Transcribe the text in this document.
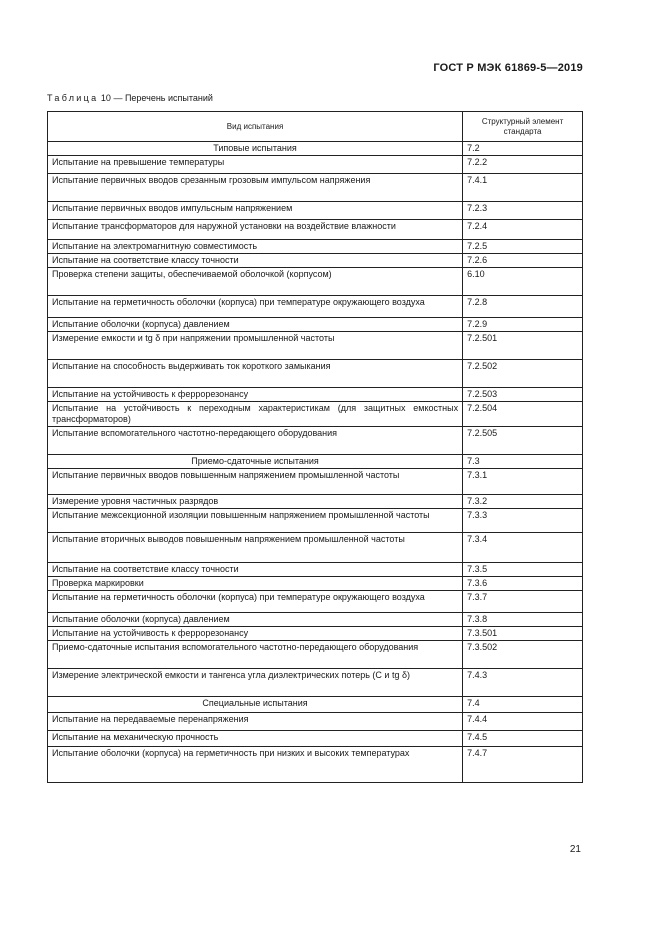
ГОСТ Р МЭК 61869-5—2019
Таблица 10 — Перечень испытаний
Вид испытания	Структурный элемент стандарта
Типовые испытания	7.2
Испытание на превышение температуры	7.2.2
Испытание первичных вводов срезанным грозовым импульсом напряжения	7.4.1
Испытание первичных вводов импульсным напряжением	7.2.3
Испытание трансформаторов для наружной установки на воздействие влажности	7.2.4
Испытание на электромагнитную совместимость	7.2.5
Испытание на соответствие классу точности	7.2.6
Проверка степени защиты, обеспечиваемой оболочкой (корпусом)	6.10
Испытание на герметичность оболочки (корпуса) при температуре окружающего воздуха	7.2.8
Испытание оболочки (корпуса) давлением	7.2.9
Измерение емкости и tg δ при напряжении промышленной частоты	7.2.501
Испытание на способность выдерживать ток короткого замыкания	7.2.502
Испытание на устойчивость к феррорезонансу	7.2.503
Испытание на устойчивость к переходным характеристикам (для защитных емкостных трансформаторов)	7.2.504
Испытание вспомогательного частотно-передающего оборудования	7.2.505
Приемо-сдаточные испытания	7.3
Испытание первичных вводов повышенным напряжением промышленной частоты	7.3.1
Измерение уровня частичных разрядов	7.3.2
Испытание межсекционной изоляции повышенным напряжением промышленной частоты	7.3.3
Испытание вторичных выводов повышенным напряжением промышленной частоты	7.3.4
Испытание на соответствие классу точности	7.3.5
Проверка маркировки	7.3.6
Испытание на герметичность оболочки (корпуса) при температуре окружающего воздуха	7.3.7
Испытание оболочки (корпуса) давлением	7.3.8
Испытание на устойчивость к феррорезонансу	7.3.501
Приемо-сдаточные испытания вспомогательного частотно-передающего оборудования	7.3.502
Измерение электрической емкости и тангенса угла диэлектрических потерь (С и tg δ)	7.4.3
Специальные испытания	7.4
Испытание на передаваемые перенапряжения	7.4.4
Испытание на механическую прочность	7.4.5
Испытание оболочки (корпуса) на герметичность при низких и высоких температурах	7.4.7
21
